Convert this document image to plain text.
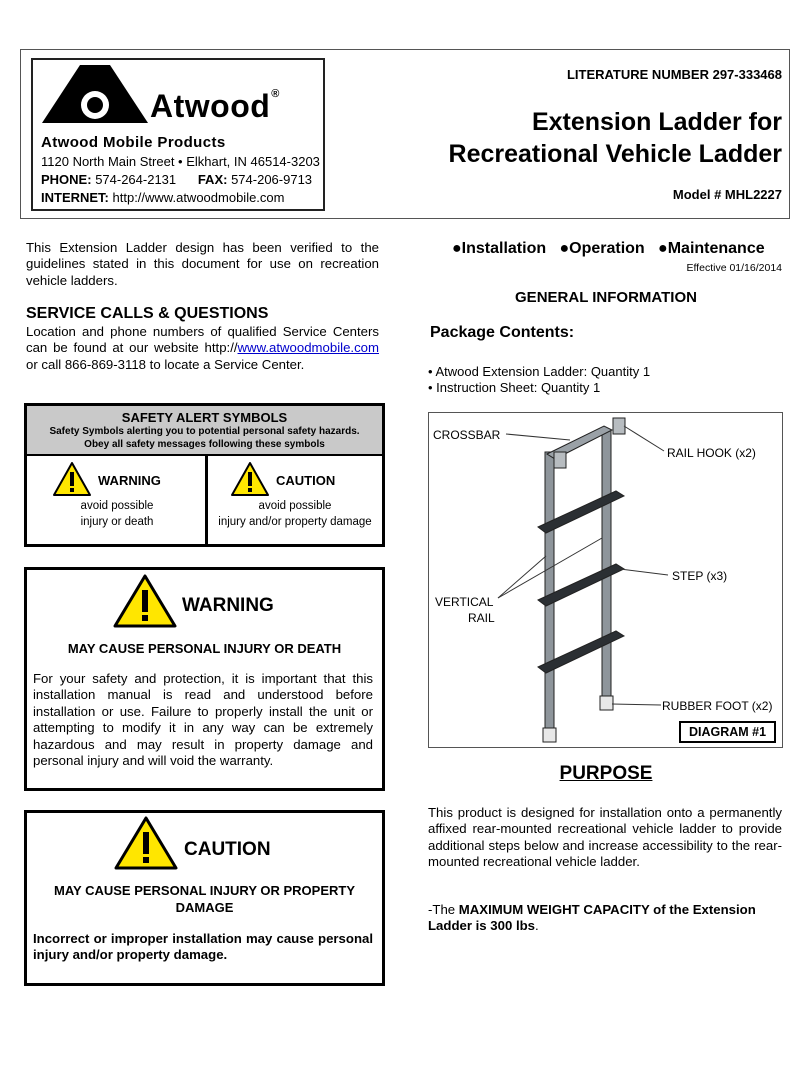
Atwood®
Atwood Mobile Products
1120 North Main Street • Elkhart, IN 46514-3203
PHONE: 574-264-2131 FAX: 574-206-9713
INTERNET: http://www.atwoodmobile.com
LITERATURE NUMBER 297-333468
Extension Ladder for
Recreational Vehicle Ladder
Model # MHL2227
This Extension Ladder design has been verified to the guidelines stated in this document for use on recreation vehicle ladders.
SERVICE CALLS & QUESTIONS
Location and phone numbers of qualified Service Centers can be found at our website http://www.atwoodmobile.com or call 866-869-3118 to locate a Service Center.
SAFETY ALERT SYMBOLS
Safety Symbols alerting you to potential personal safety hazards.
Obey all safety messages following these symbols
WARNING
avoid possible
injury or death
CAUTION
avoid possible
injury and/or property damage
WARNING
MAY CAUSE PERSONAL INJURY OR DEATH
For your safety and protection, it is important that this installation manual is read and understood before installation or use. Failure to properly install the unit or attempting to modify it in any way can be extremely hazardous and may result in property damage and personal injury and will void the warranty.
CAUTION
MAY CAUSE PERSONAL INJURY OR PROPERTY
DAMAGE
Incorrect or improper installation may cause personal injury and/or property damage.
●Installation ●Operation ●Maintenance
Effective 01/16/2014
GENERAL INFORMATION
Package Contents:
• Atwood Extension Ladder: Quantity 1
• Instruction Sheet: Quantity 1
CROSSBAR
RAIL HOOK (x2)
STEP (x3)
VERTICAL
RAIL
RUBBER FOOT (x2)
DIAGRAM #1
PURPOSE
This product is designed for installation onto a permanently affixed rear-mounted recreational vehicle ladder to provide additional steps below and increase accessibility to the rear-mounted recreational vehicle ladder.
-The MAXIMUM WEIGHT CAPACITY of the Extension Ladder is 300 lbs.
